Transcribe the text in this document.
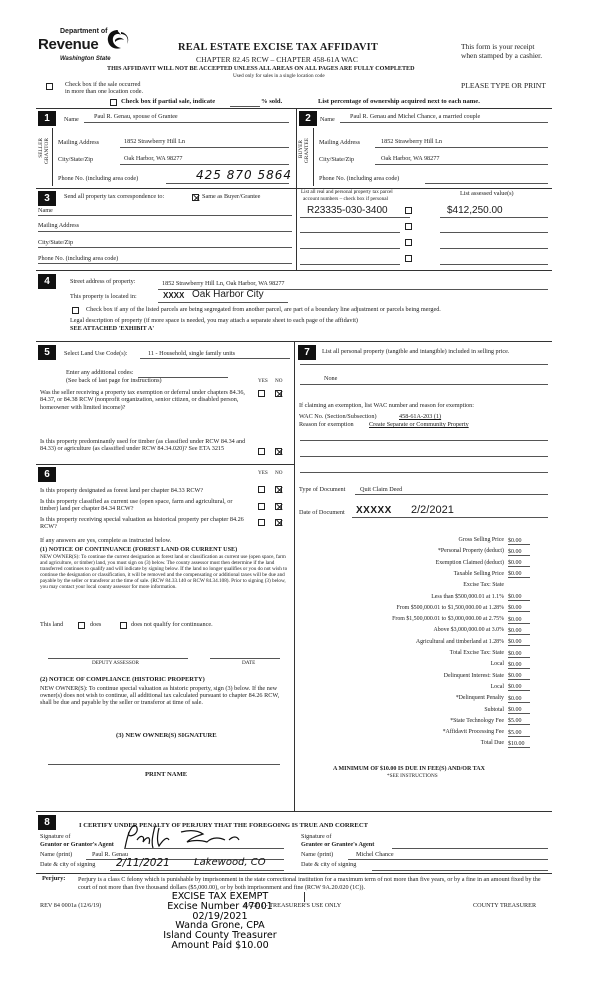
Department of
Revenue
Washington State
REAL ESTATE EXCISE TAX AFFIDAVIT
CHAPTER 82.45 RCW – CHAPTER 458-61A WAC
THIS AFFIDAVIT WILL NOT BE ACCEPTED UNLESS ALL AREAS ON ALL PAGES ARE FULLY COMPLETED
Used only for sales in a single location code
This form is your receipt
when stamped by a cashier.
PLEASE TYPE OR PRINT
Check box if the sale occurred
in more than one location code.
Check box if partial sale, indicate	% sold.	List percentage of ownership acquired next to each name.
1	Name Paul R. Genau, spouse of Grantee
SELLER GRANTOR Mailing Address	1852 Strawberry Hill Ln
City/State/Zip	Oak Harbor, WA 98277
Phone No. (including area code)	425 870 5864
2	Name Paul R. Genau and Michel Chance, a married couple
BUYER GRANTEE Mailing Address	1852 Strawberry Hill Ln
City/State/Zip	Oak Harbor, WA 98277
Phone No. (including area code)
3	Send all property tax correspondence to:	Same as Buyer/Grantee
List all real and personal property tax parcel
account numbers – check box if personal
List assessed value(s)
R23335-030-3400	$412,250.00
Name
Mailing Address
City/State/Zip
Phone No. (including area code)
4	Street address of property:	1852 Strawberry Hill Ln, Oak Harbor, WA 98277
This property is located in:	XXXX Oak Harbor City
Check box if any of the listed parcels are being segregated from another parcel, are part of a boundary line adjustment or parcels being merged.
Legal description of property (if more space is needed, you may attach a separate sheet to each page of the affidavit)
SEE ATTACHED 'EXHIBIT A'
5	Select Land Use Code(s):	11 - Household, single family units
Enter any additional codes:
(See back of last page for instructions)	YES NO
Was the seller receiving a property tax exemption or deferral under chapters 84.36, 84.37, or 84.38 RCW (nonprofit organization, senior citizen, or disabled person, homeowner with limited income)?
Is this property predominantly used for timber (as classified under RCW 84.34 and 84.33) or agriculture (as classified under RCW 84.34.020)? See ETA 3215
6	YES NO
Is this property designated as forest land per chapter 84.33 RCW?
Is this property classified as current use (open space, farm and agricultural, or timber) land per chapter 84.34 RCW?
Is this property receiving special valuation as historical property per chapter 84.26 RCW?
If any answers are yes, complete as instructed below.
(1) NOTICE OF CONTINUANCE (FOREST LAND OR CURRENT USE)
NEW OWNER(S): To continue the current designation as forest land or classification as current use (open space, farm and agriculture, or timber) land, you must sign on (3) below. The county assessor must then determine if the land transferred continues to qualify and will indicate by signing below. If the land no longer qualifies or you do not wish to continue the designation or classification, it will be removed and the compensating or additional taxes will be due and payable by the seller or transferor at the time of sale. (RCW 84.33.140 or RCW 84.34.108). Prior to signing (3) below, you may contact your local county assessor for more information.
This land	does	does not qualify for continuance.
DEPUTY ASSESSOR	DATE
(2) NOTICE OF COMPLIANCE (HISTORIC PROPERTY)
NEW OWNER(S): To continue special valuation as historic property, sign (3) below. If the new owner(s) does not wish to continue, all additional tax calculated pursuant to chapter 84.26 RCW, shall be due and payable by the seller or transferor at time of sale.
(3) NEW OWNER(S) SIGNATURE
PRINT NAME
7	List all personal property (tangible and intangible) included in selling price.
None
If claiming an exemption, list WAC number and reason for exemption:
WAC No. (Section/Subsection)	458-61A-203 (1)
Reason for exemption Create Separate or Community Property
Type of Document Quit Claim Deed
Date of Document XXXXX 2/2/2021
Gross Selling Price $0.00
*Personal Property (deduct) $0.00
Exemption Claimed (deduct) $0.00
Taxable Selling Price $0.00
Excise Tax: State
Less than $500,000.01 at 1.1% $0.00
From $500,000.01 to $1,500,000.00 at 1.28% $0.00
From $1,500,000.01 to $3,000,000.00 at 2.75% $0.00
Above $3,000,000.00 at 3.0% $0.00
Agricultural and timberland at 1.28% $0.00
Total Excise Tax: State $0.00
Local $0.00
Delinquent Interest: State $0.00
Local $0.00
*Delinquent Penalty $0.00
Subtotal $0.00
*State Technology Fee $5.00
*Affidavit Processing Fee $5.00
Total Due $10.00
A MINIMUM OF $10.00 IS DUE IN FEE(S) AND/OR TAX
*SEE INSTRUCTIONS
8	I CERTIFY UNDER PENALTY OF PERJURY THAT THE FOREGOING IS TRUE AND CORRECT
Signature of
Grantor or Grantor's Agent
Name (print)	Paul R. Genau
Date & city of signing 2/11/2021 Lakewood, CO
Signature of
Grantee or Grantee's Agent
Name (print)	Michel Chance
Date & city of signing
Perjury: Perjury is a class C felony which is punishable by imprisonment in the state correctional institution for a maximum term of not more than five years, or by a fine in an amount fixed by the court of not more than five thousand dollars ($5,000.00), or by both imprisonment and fine (RCW 9A.20.020 (1C)).
REV 84 0001a (12/6/19)	PAGE 1 - TREASURER'S USE ONLY	COUNTY TREASURER
EXCISE TAX EXEMPT
Excise Number 47001
02/19/2021
Wanda Grone, CPA
Island County Treasurer
Amount Paid $10.00
